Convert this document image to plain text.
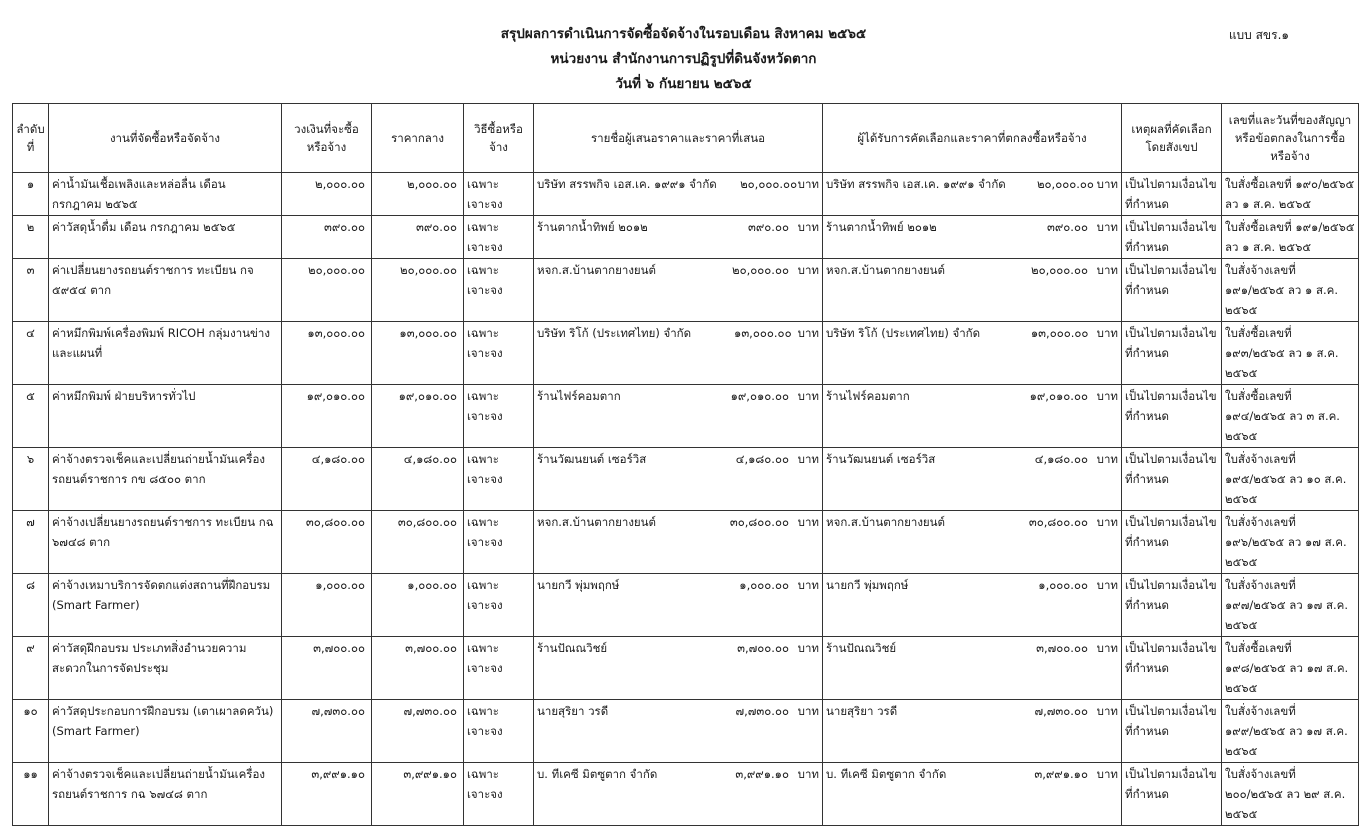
สรุปผลการดำเนินการจัดซื้อจัดจ้างในรอบเดือน สิงหาคม ๒๕๖๕
หน่วยงาน สำนักงานการปฏิรูปที่ดินจังหวัดตาก
วันที่ ๖ กันยายน ๒๕๖๕
แบบ สขร.๑
ลำดับที่	งานที่จัดซื้อหรือจัดจ้าง	วงเงินที่จะซื้อหรือจ้าง	ราคากลาง	วิธีซื้อหรือจ้าง	รายชื่อผู้เสนอราคาและราคาที่เสนอ	ผู้ได้รับการคัดเลือกและราคาที่ตกลงซื้อหรือจ้าง	เหตุผลที่คัดเลือกโดยสังเขป	เลขที่และวันที่ของสัญญาหรือข้อตกลงในการซื้อหรือจ้าง
๑	ค่าน้ำมันเชื้อเพลิงและหล่อลื่น เดือน กรกฎาคม ๒๕๖๕	๒,๐๐๐.๐๐	๒,๐๐๐.๐๐	เฉพาะเจาะจง	บริษัท สรรพกิจ เอส.เค. ๑๙๙๑ จำกัด ๒๐,๐๐๐.๐๐ บาท	บริษัท สรรพกิจ เอส.เค. ๑๙๙๑ จำกัด ๒๐,๐๐๐.๐๐ บาท	เป็นไปตามเงื่อนไขที่กำหนด	ใบสั่งซื้อเลขที่ ๑๙๐/๒๕๖๕ ลว ๑ ส.ค. ๒๕๖๕
๒	ค่าวัสดุน้ำดื่ม เดือน กรกฎาคม ๒๕๖๕	๓๙๐.๐๐	๓๙๐.๐๐	เฉพาะเจาะจง	ร้านตากน้ำทิพย์ ๒๐๑๒ ๓๙๐.๐๐ บาท	ร้านตากน้ำทิพย์ ๒๐๑๒ ๓๙๐.๐๐ บาท	เป็นไปตามเงื่อนไขที่กำหนด	ใบสั่งซื้อเลขที่ ๑๙๑/๒๕๖๕ ลว ๑ ส.ค. ๒๕๖๕
๓	ค่าเปลี่ยนยางรถยนต์ราชการ ทะเบียน กจ ๕๙๕๔ ตาก	๒๐,๐๐๐.๐๐	๒๐,๐๐๐.๐๐	เฉพาะเจาะจง	หจก.ส.บ้านตากยางยนต์ ๒๐,๐๐๐.๐๐ บาท	หจก.ส.บ้านตากยางยนต์ ๒๐,๐๐๐.๐๐ บาท	เป็นไปตามเงื่อนไขที่กำหนด	ใบสั่งจ้างเลขที่ ๑๙๑/๒๕๖๕ ลว ๑ ส.ค. ๒๕๖๕
๔	ค่าหมึกพิมพ์เครื่องพิมพ์ RICOH กลุ่มงานข่างและแผนที่	๑๓,๐๐๐.๐๐	๑๓,๐๐๐.๐๐	เฉพาะเจาะจง	บริษัท ริโก้ (ประเทศไทย) จำกัด ๑๓,๐๐๐.๐๐ บาท	บริษัท ริโก้ (ประเทศไทย) จำกัด ๑๓,๐๐๐.๐๐ บาท	เป็นไปตามเงื่อนไขที่กำหนด	ใบสั่งซื้อเลขที่ ๑๙๓/๒๕๖๕ ลว ๑ ส.ค. ๒๕๖๕
๕	ค่าหมึกพิมพ์ ฝ่ายบริหารทั่วไป	๑๙,๐๑๐.๐๐	๑๙,๐๑๐.๐๐	เฉพาะเจาะจง	ร้านไฟร์คอมตาก ๑๙,๐๑๐.๐๐ บาท	ร้านไฟร์คอมตาก ๑๙,๐๑๐.๐๐ บาท	เป็นไปตามเงื่อนไขที่กำหนด	ใบสั่งซื้อเลขที่ ๑๙๔/๒๕๖๕ ลว ๓ ส.ค. ๒๕๖๕
๖	ค่าจ้างตรวจเช็คและเปลี่ยนถ่ายน้ำมันเครื่องรถยนต์ราชการ กข ๘๕๐๐ ตาก	๔,๑๘๐.๐๐	๔,๑๘๐.๐๐	เฉพาะเจาะจง	ร้านวัฒนยนต์ เซอร์วิส ๔,๑๘๐.๐๐ บาท	ร้านวัฒนยนต์ เซอร์วิส ๔,๑๘๐.๐๐ บาท	เป็นไปตามเงื่อนไขที่กำหนด	ใบสั่งจ้างเลขที่ ๑๙๕/๒๕๖๕ ลว ๑๐ ส.ค. ๒๕๖๕
๗	ค่าจ้างเปลี่ยนยางรถยนต์ราชการ ทะเบียน กฉ ๖๗๔๘ ตาก	๓๐,๘๐๐.๐๐	๓๐,๘๐๐.๐๐	เฉพาะเจาะจง	หจก.ส.บ้านตากยางยนต์ ๓๐,๘๐๐.๐๐ บาท	หจก.ส.บ้านตากยางยนต์ ๓๐,๘๐๐.๐๐ บาท	เป็นไปตามเงื่อนไขที่กำหนด	ใบสั่งจ้างเลขที่ ๑๙๖/๒๕๖๕ ลว ๑๗ ส.ค. ๒๕๖๕
๘	ค่าจ้างเหมาบริการจัดตกแต่งสถานที่ฝึกอบรม (Smart Farmer)	๑,๐๐๐.๐๐	๑,๐๐๐.๐๐	เฉพาะเจาะจง	นายกวี พุ่มพฤกษ์ ๑,๐๐๐.๐๐ บาท	นายกวี พุ่มพฤกษ์ ๑,๐๐๐.๐๐ บาท	เป็นไปตามเงื่อนไขที่กำหนด	ใบสั่งจ้างเลขที่ ๑๙๗/๒๕๖๕ ลว ๑๗ ส.ค. ๒๕๖๕
๙	ค่าวัสดุฝึกอบรม ประเภทสิ่งอำนวยความสะดวกในการจัดประชุม	๓,๗๐๐.๐๐	๓,๗๐๐.๐๐	เฉพาะเจาะจง	ร้านปัณณวิชย์ ๓,๗๐๐.๐๐ บาท	ร้านปัณณวิชย์ ๓,๗๐๐.๐๐ บาท	เป็นไปตามเงื่อนไขที่กำหนด	ใบสั่งซื้อเลขที่ ๑๙๘/๒๕๖๕ ลว ๑๗ ส.ค. ๒๕๖๕
๑๐	ค่าวัสดุประกอบการฝึกอบรม (เตาเผาลดควัน) (Smart Farmer)	๗,๗๓๐.๐๐	๗,๗๓๐.๐๐	เฉพาะเจาะจง	นายสุริยา วรดี ๗,๗๓๐.๐๐ บาท	นายสุริยา วรดี ๗,๗๓๐.๐๐ บาท	เป็นไปตามเงื่อนไขที่กำหนด	ใบสั่งจ้างเลขที่ ๑๙๙/๒๕๖๕ ลว ๑๗ ส.ค. ๒๕๖๕
๑๑	ค่าจ้างตรวจเช็คและเปลี่ยนถ่ายน้ำมันเครื่องรถยนต์ราชการ กฉ ๖๗๔๘ ตาก	๓,๙๙๑.๑๐	๓,๙๙๑.๑๐	เฉพาะเจาะจง	บ. ทีเคซี มิตซูตาก จำกัด ๓,๙๙๑.๑๐ บาท	บ. ทีเคซี มิตซูตาก จำกัด ๓,๙๙๑.๑๐ บาท	เป็นไปตามเงื่อนไขที่กำหนด	ใบสั่งจ้างเลขที่ ๒๐๐/๒๕๖๕ ลว ๒๙ ส.ค. ๒๕๖๕
